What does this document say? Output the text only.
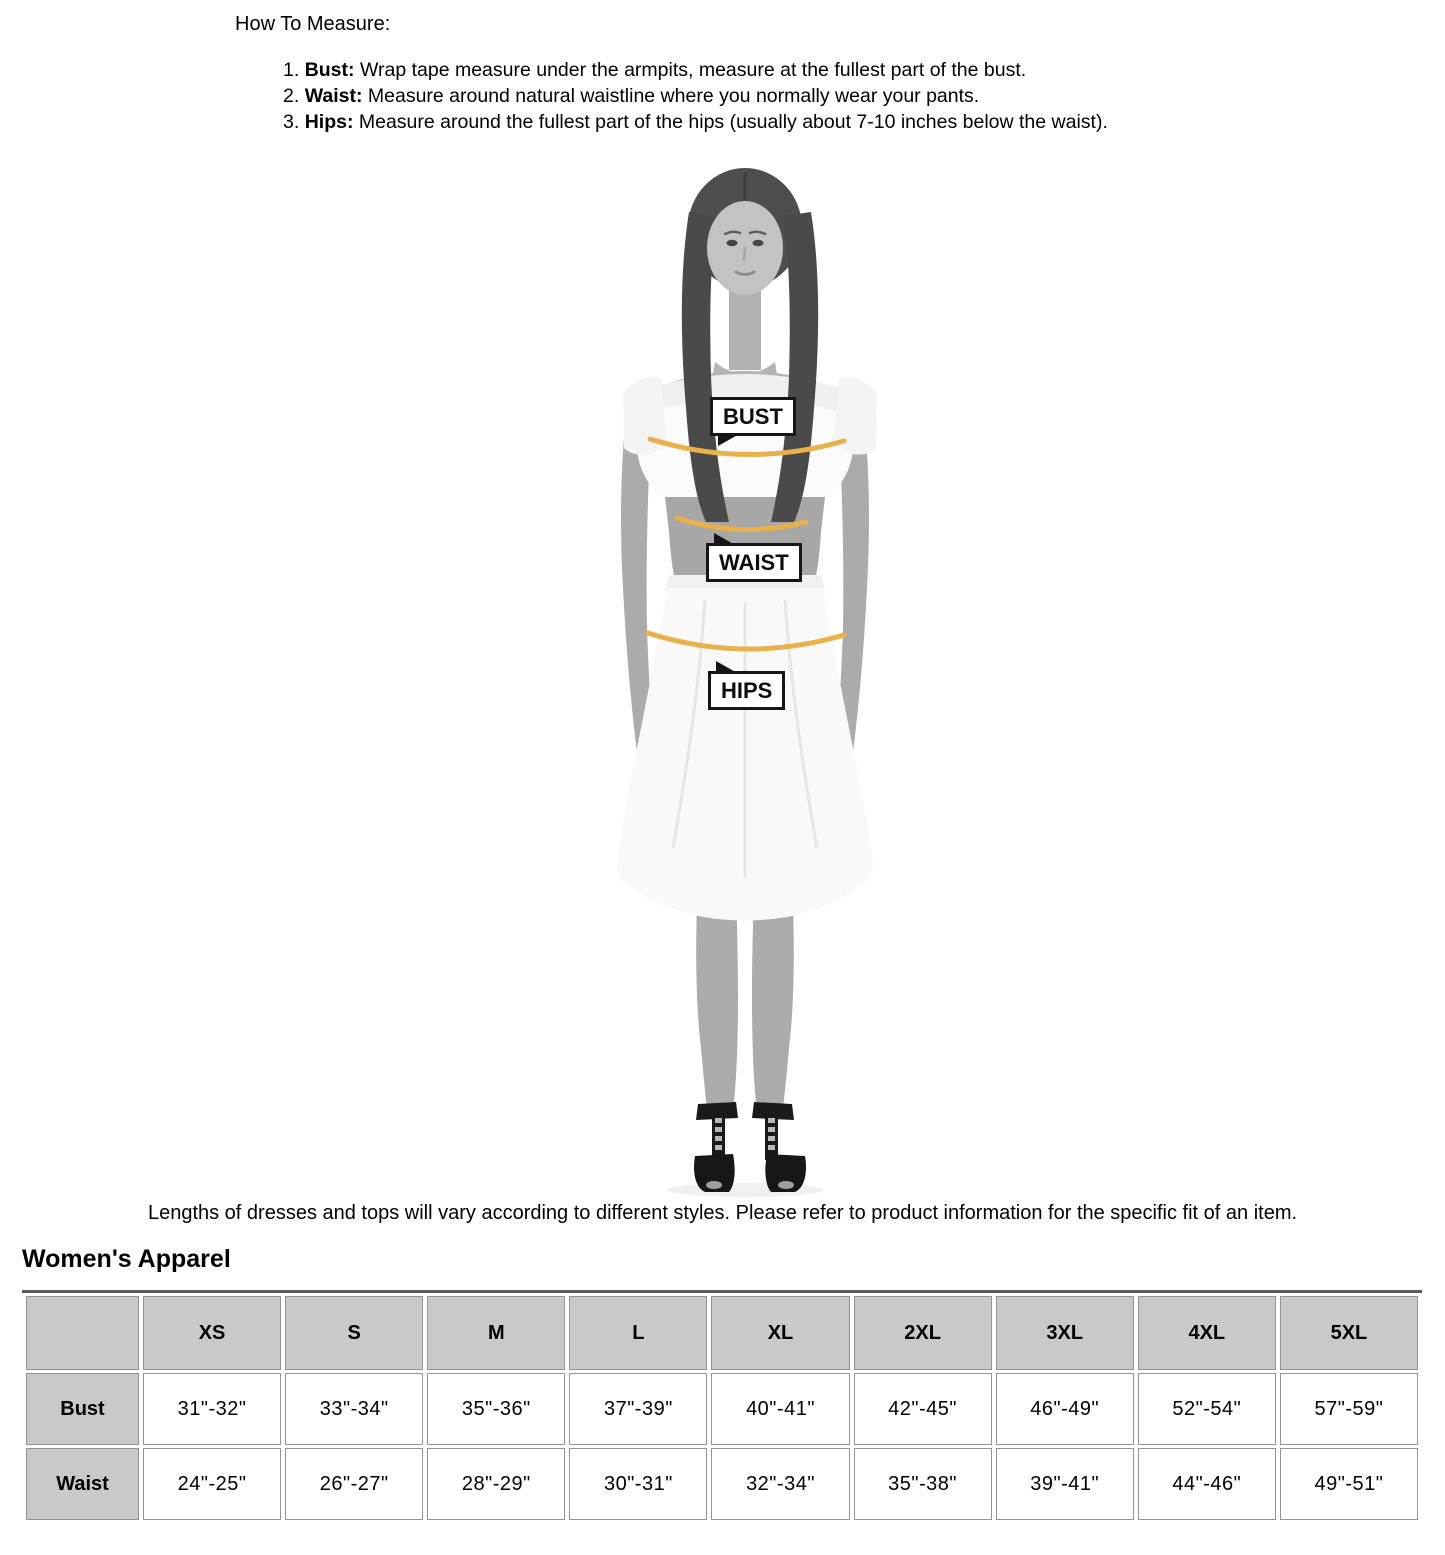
How To Measure:
1. Bust: Wrap tape measure under the armpits, measure at the fullest part of the bust.
2. Waist: Measure around natural waistline where you normally wear your pants.
3. Hips: Measure around the fullest part of the hips (usually about 7-10 inches below the waist).
BUST
WAIST
HIPS
Lengths of dresses and tops will vary according to different styles. Please refer to product information for the specific fit of an item.
Women's Apparel
	XS	S	M	L	XL	2XL	3XL	4XL	5XL
Bust	31"-32"	33"-34"	35"-36"	37"-39"	40"-41"	42"-45"	46"-49"	52"-54"	57"-59"
Waist	24"-25"	26"-27"	28"-29"	30"-31"	32"-34"	35"-38"	39"-41"	44"-46"	49"-51"
